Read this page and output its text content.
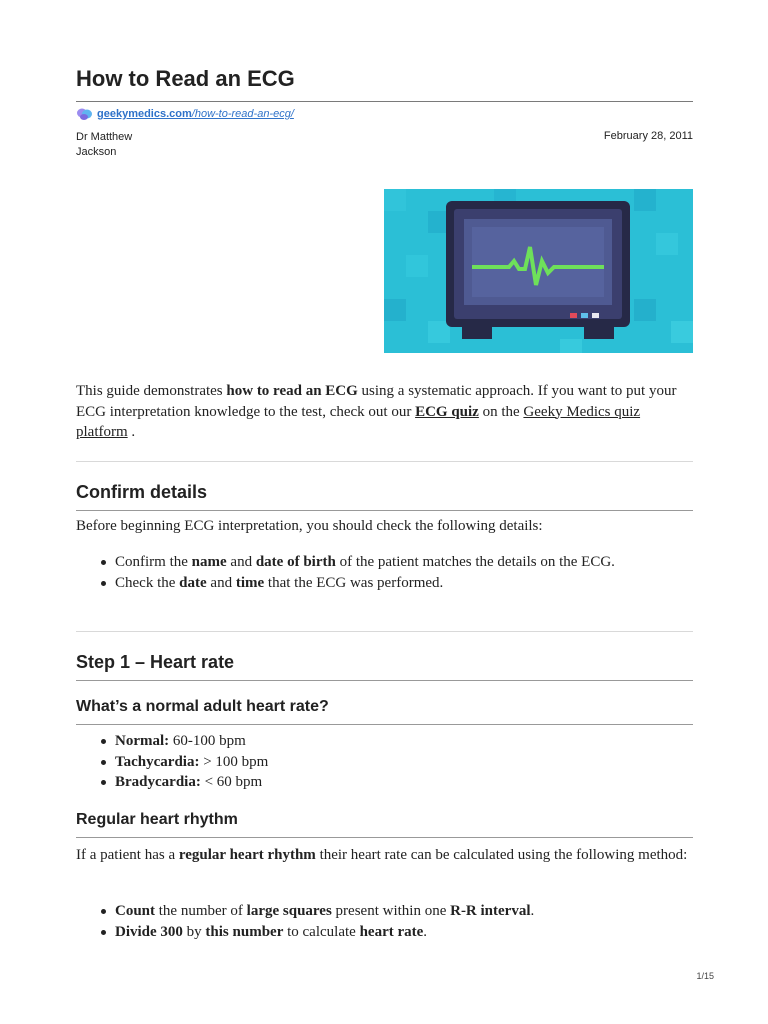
How to Read an ECG
geekymedics.com /how-to-read-an-ecg/
Dr Matthew Jackson
February 28, 2011

This guide demonstrates how to read an ECG using a systematic approach. If you want to put your ECG interpretation knowledge to the test, check out our ECG quiz on the Geeky Medics quiz platform .

Confirm details

Before beginning ECG interpretation, you should check the following details:

Confirm the name and date of birth of the patient matches the details on the ECG.
Check the date and time that the ECG was performed.
Step 1 – Heart rate
What’s a normal adult heart rate?
Normal: 60-100 bpm
Tachycardia: > 100 bpm
Bradycardia: < 60 bpm
Regular heart rhythm

If a patient has a regular heart rhythm their heart rate can be calculated using the following method:

Count the number of large squares present within one R-R interval.
Divide 300 by this number to calculate heart rate.
1/15
